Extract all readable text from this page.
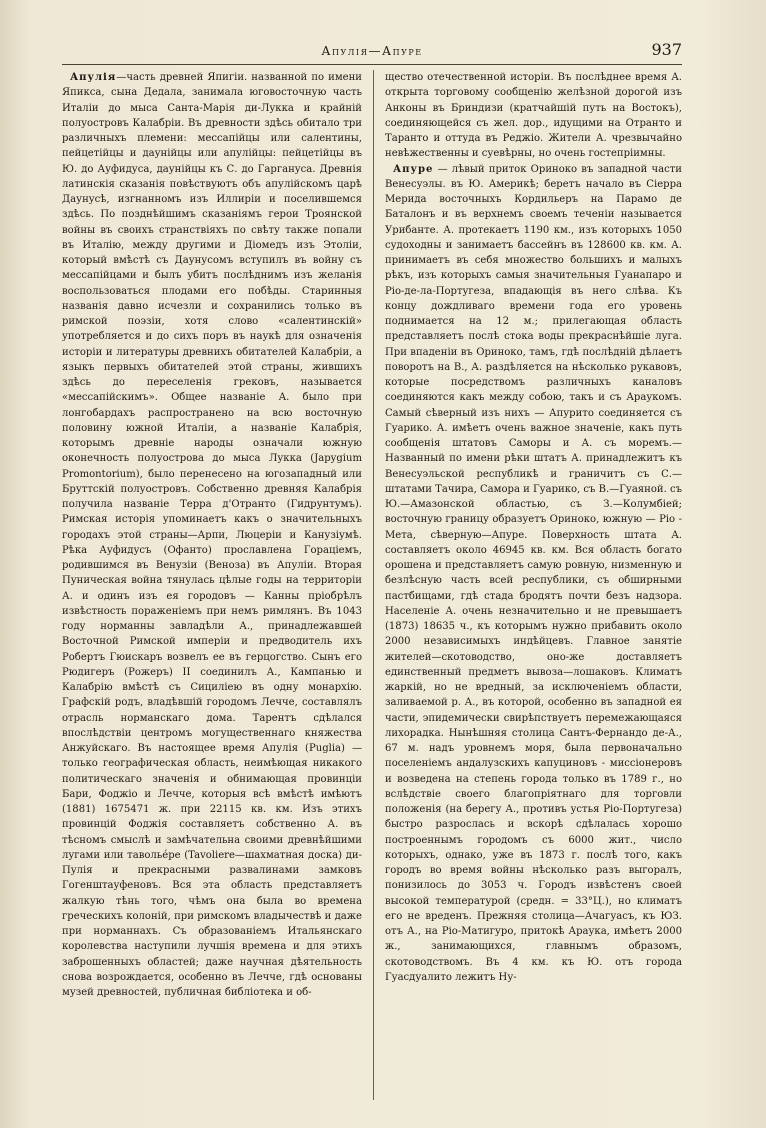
Апулія—Апуре	937

Апулія—часть древней Япигіи. названной по имени Япикса, сына Дедала, занимала юговосточную часть Италіи до мыса Санта-Марія ди-Лукка и крайній полуостровъ Калабріи. Въ древности здѣсь обитало три различныхъ племени: мессапійцы или салентины, пейцетійцы и даунійцы или апулійцы: пейцетійцы въ Ю. до Ауфидуса, даунійцы къ С. до Гаргануса. Древнія латинскія сказанія повѣствуютъ объ апулійскомъ царѣ Даунусѣ, изгнанномъ изъ Иллиріи и поселившемся здѣсь. По позднѣйшимъ сказаніямъ герои Троянской войны въ своихъ странствіяхъ по свѣту также попали въ Италію, между другими и Діомедъ изъ Этоліи, который вмѣстѣ съ Даунусомъ вступилъ въ войну съ мессапійцами и былъ убитъ послѣднимъ изъ желанія воспользоваться плодами его побѣды. Старинныя названія давно исчезли и сохранились только въ римской поэзіи, хотя слово «салентинскій» употребляется и до сихъ поръ въ наукѣ для означенія исторіи и литературы древнихъ обитателей Калабріи, а языкъ первыхъ обитателей этой страны, жившихъ здѣсь до переселенія грековъ, называется «мессапійскимъ». Общее названіе А. было при лонгобардахъ распространено на всю восточную половину южной Италіи, а названіе Калабрія, которымъ древніе народы означали южную оконечность полуострова до мыса Лукка (Japygium Promontorium), было перенесено на югозападный или Бруттскій полуостровъ. Собственно древняя Калабрія получила названіе Терра д'Отранто (Гидрунтумъ). Римская исторія упоминаетъ какъ о значительныхъ городахъ этой страны—Арпи, Люцеріи и Канузіумѣ. Рѣка Ауфидусъ (Офанто) прославлена Горaціемъ, родившимся въ Венузіи (Веноза) въ Апуліи. Вторая Пуническая война тянулась цѣлые годы на территоріи А. и одинъ изъ ея городовъ — Канны пріобрѣлъ извѣстность пораженіемъ при немъ римлянъ. Въ 1043 году норманны завладѣли А., принадлежавшей Восточной Римской имперіи и предводитель ихъ Робертъ Гюискаръ возвелъ ее въ герцогство. Сынъ его Рюдигеръ (Рожеръ) II соединилъ А., Кампанью и Калабрію вмѣстѣ съ Сициліею въ одну монархію. Графскій родъ, владѣвшій городомъ Лечче, составлялъ отрасль норманскаго дома. Тарентъ сдѣлался впослѣдствіи центромъ могущественнаго княжества Анжуйскаго. Въ настоящее время Апулія (Puglia) — только географическая область, неимѣющая никакого политическаго значенія и обнимающая провинціи Бари, Фоджіо и Лечче, которыя всѣ вмѣстѣ имѣютъ (1881) 1675471 ж. при 22115 кв. км. Изъ этихъ провинцій Фоджія составляетъ собственно А. въ тѣсномъ смыслѣ и замѣчательна своими древнѣйшими лугами или таволье́ре (Tavoliere—шахматная доска) ди-Пулія и прекрасными развалинами замковъ Гогенштауфеновъ. Вся эта область представляетъ жалкую тѣнь того, чѣмъ она была во времена греческихъ колоній, при римскомъ владычествѣ и даже при норманнахъ. Съ образованіемъ Итальянскаго королевства наступили лучшія времена и для этихъ заброшенныхъ областей; даже научная дѣятельность снова возрождается, особенно въ Лечче, гдѣ основаны музей древностей, публичная библіотека и об-

щество отечественной исторіи. Въ послѣднее время А. открыта торговому сообщенію желѣзной дорогой изъ Анконы въ Бриндизи (кратчайшій путь на Востокъ), соединяющейся съ жел. дор., идущими на Отранто и Таранто и оттуда въ Реджіо. Жители А. чрезвычайно невѣжественны и суевѣрны, но очень гостепріимны.

Апуре — лѣвый приток Ориноко въ западной части Венесуэлы. въ Ю. Америкѣ; беретъ начало въ Сіерра Мерида восточныхъ Кордильеръ на Парамо де Баталонъ и въ верхнемъ своемъ теченіи называется Урибанте. А. протекаетъ 1190 км., изъ которыхъ 1050 судоходны и занимаетъ бассейнъ въ 128600 кв. км. А. принимаетъ въ себя множество большихъ и малыхъ рѣкъ, изъ которыхъ самыя значительныя Гуанапаро и Ріо-де-ла-Португеза, впадающія въ него слѣва. Къ концу дождливаго времени года его уровень поднимается на 12 м.; прилегающая область представляетъ послѣ стока воды прекраснѣйшіе луга. При впаденіи въ Ориноко, тамъ, гдѣ послѣдній дѣлаетъ поворотъ на В., А. раздѣляется на нѣсколько рукавовъ, которые посредствомъ различныхъ каналовъ соединяются какъ между собою, такъ и съ Араукомъ. Самый сѣверный изъ нихъ — Апурито соединяется съ Гуарико. А. имѣетъ очень важное значеніе, какъ путь сообщенія штатовъ Саморы и А. съ моремъ.—Названный по имени рѣки штатъ А. принадлежитъ къ Венесуэльской республикѣ и граничитъ съ С.—штатами Тачира, Самора и Гуарико, съ В.—Гуаяной. съ Ю.—Амазонской областью, съ З.—Колумбіей; восточную границу образуетъ Ориноко, южную — Ріо - Мета, сѣверную—Апуре. Поверхность штата А. составляетъ около 46945 кв. км. Вся область богато орошена и представляетъ самую ровную, низменную и безлѣсную часть всей республики, съ обширными пастбищами, гдѣ стада бродятъ почти безъ надзора. Населеніе А. очень незначительно и не превышаетъ (1873) 18635 ч., къ которымъ нужно прибавить около 2000 независимыхъ индѣйцевъ. Главное занятіе жителей—скотоводство, оно-же доставляетъ единственный предметъ вывоза—лошаковъ. Климатъ жаркій, но не вредный, за исключеніемъ области, заливаемой р. А., въ которой, особенно въ западной ея части, эпидемически свирѣпствуетъ перемежающаяся лихорадка. Нынѣшняя столица Сантъ-Фернандо де-А., 67 м. надъ уровнемъ моря, была первоначально поселеніемъ андалузскихъ капуциновъ - миссіонеровъ и возведена на степень города только въ 1789 г., но вслѣдствіе своего благопріятнаго для торговли положенія (на берегу А., противъ устья Ріо-Португеза) быстро разрослась и вскорѣ сдѣлалась хорошо построеннымъ городомъ съ 6000 жит., число которыхъ, однако, уже въ 1873 г. послѣ того, какъ городъ во время войны нѣсколько разъ выгоралъ, понизилось до 3053 ч. Городъ извѣстенъ своей высокой температурой (средн. = 33°Ц.), но климатъ его не вреденъ. Прежняя столица—Ачагуасъ, къ ЮЗ. отъ А., на Ріо-Матигуро, притокѣ Араука, имѣетъ 2000 ж., занимающихся, главнымъ образомъ, скотоводствомъ. Въ 4 км. къ Ю. отъ города Гуасдуалито лежитъ Ну-
